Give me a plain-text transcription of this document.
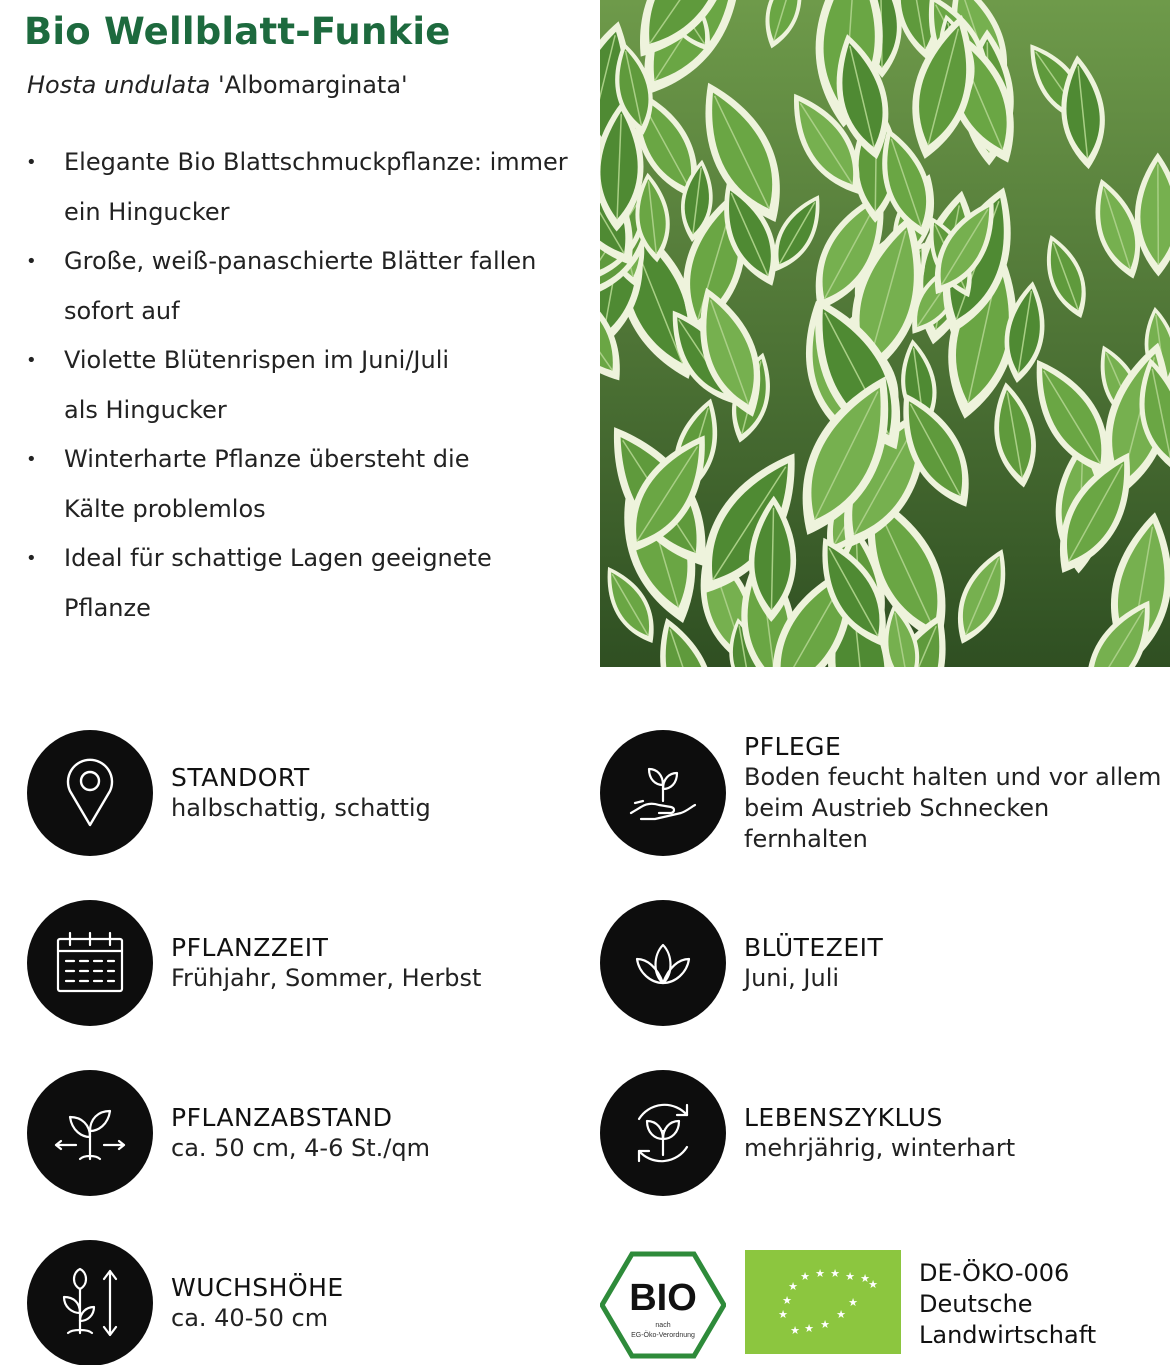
Bio Wellblatt-Funkie
Hosta undulata 'Albomarginata'
• Elegante Bio Blattschmuckpflanze: immer
ein Hingucker
• Große, weiß-panaschierte Blätter fallen
sofort auf
• Violette Blütenrispen im Juni/Juli
als Hingucker
• Winterharte Pflanze übersteht die
Kälte problemlos
• Ideal für schattige Lagen geeignete Pflanze
STANDORT
halbschattig, schattig
PFLEGE
Boden feucht halten und vor allem
beim Austrieb Schnecken fernhalten
PFLANZZEIT
Frühjahr, Sommer, Herbst
BLÜTEZEIT
Juni, Juli
PFLANZABSTAND
ca. 50 cm, 4-6 St./qm
LEBENSZYKLUS
mehrjährig, winterhart
WUCHSHÖHE
ca. 40-50 cm	BIO
nach
EG-Öko-Verordnung
★ ★ ★ ★ ★
★
★
★
★
★
★
★
★
★
DE-ÖKO-006
Deutsche
Landwirtschaft
